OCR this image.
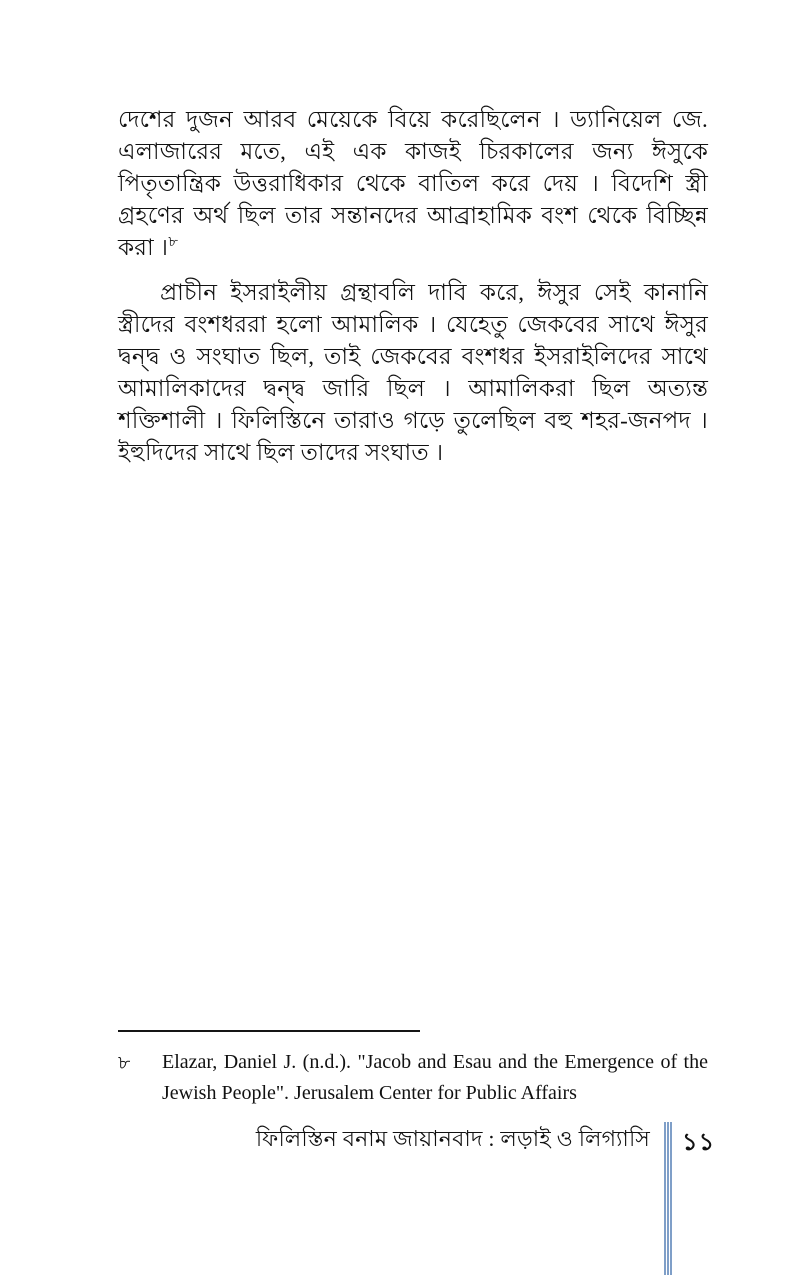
দেশের দুজন আরব মেয়েকে বিয়ে করেছিলেন । ড্যানিয়েল জে. এলাজারের মতে, এই এক কাজই চিরকালের জন্য ঈসুকে পিতৃতান্ত্রিক উত্তরাধিকার থেকে বাতিল করে দেয় । বিদেশি স্ত্রী গ্রহণের অর্থ ছিল তার সন্তানদের আব্রাহামিক বংশ থেকে বিচ্ছিন্ন করা ।$^৮$

প্রাচীন ইসরাইলীয় গ্রন্থাবলি দাবি করে, ঈসুর সেই কানানি স্ত্রীদের বংশধররা হলো আমালিক । যেহেতু জেকবের সাথে ঈসুর দ্বন্দ্ব ও সংঘাত ছিল, তাই জেকবের বংশধর ইসরাইলিদের সাথে আমালিকাদের দ্বন্দ্ব জারি ছিল । আমালিকরা ছিল অত্যন্ত শক্তিশালী । ফিলিস্তিনে তারাও গড়ে তুলেছিল বহু শহর-জনপদ । ইহুদিদের সাথে ছিল তাদের সংঘাত ।

৮ Elazar, Daniel J. (n.d.). "Jacob and Esau and the Emergence of the Jewish People". Jerusalem Center for Public Affairs
ফিলিস্তিন বনাম জায়ানবাদ : লড়াই ও লিগ্যাসি ১১
